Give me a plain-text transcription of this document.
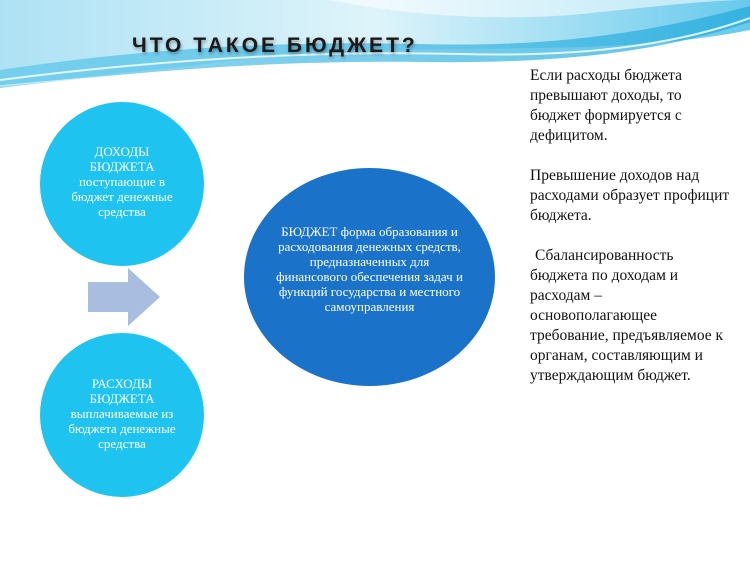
ЧТО ТАКОЕ БЮДЖЕТ?
ДОХОДЫ БЮДЖЕТА поступающие в бюджет денежные средства
РАСХОДЫ БЮДЖЕТА выплачиваемые из бюджета денежные средства
БЮДЖЕТ форма образования и расходования денежных средств, предназначенных для финансового обеспечения задач и функций государства и местного самоуправления

Если расходы бюджета превышают доходы, то бюджет формируется с дефицитом.

Превышение доходов над расходами образует профицит бюджета.

Сбалансированность бюджета по доходам и расходам – основополагающее требование, предъявляемое к органам, составляющим и утверждающим бюджет.
